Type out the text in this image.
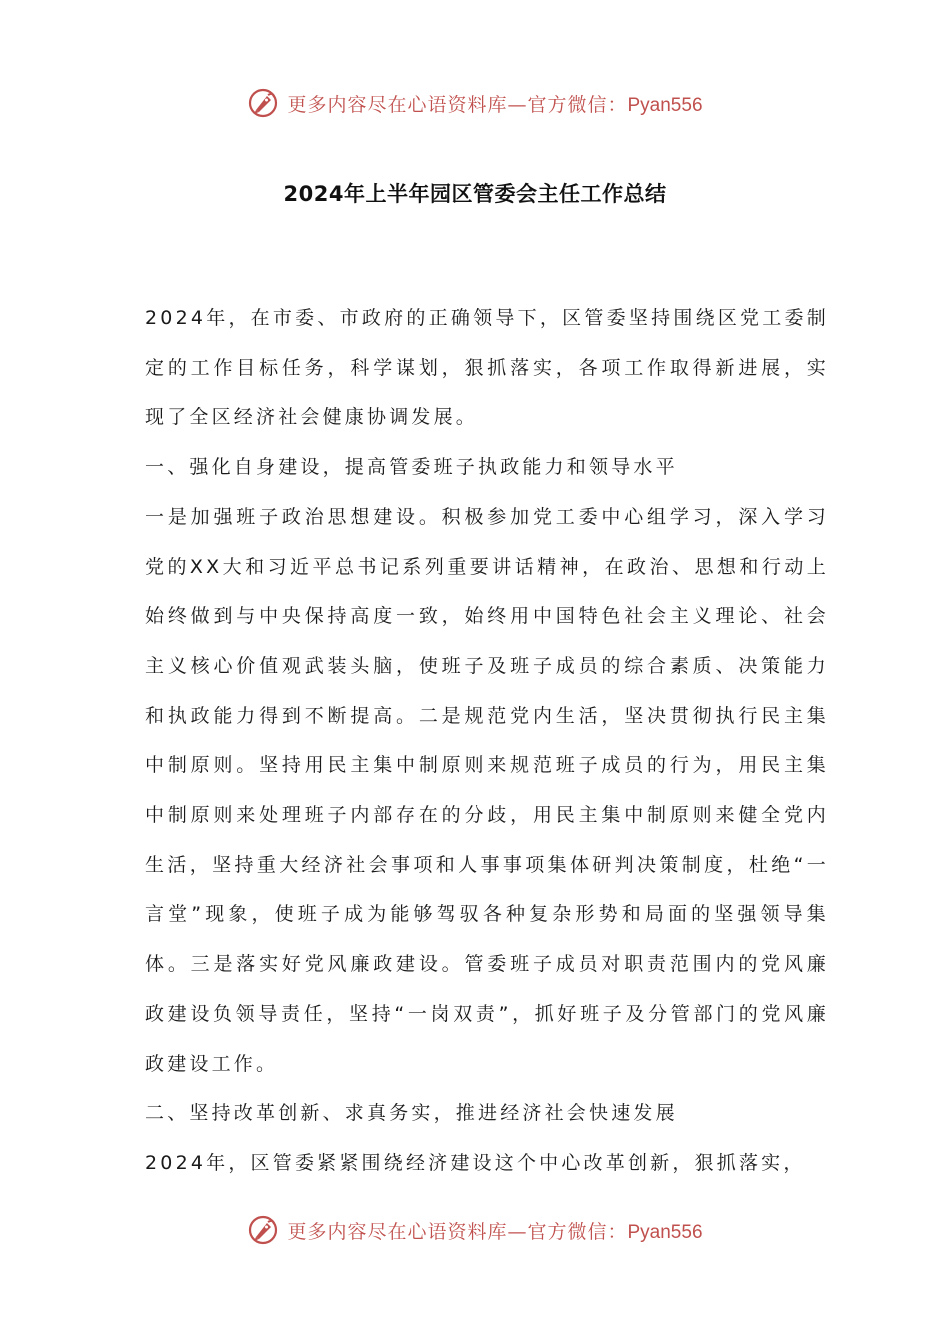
更多内容尽在心语资料库—官方微信：Pyan556
2024年上半年园区管委会主任工作总结

2024年，在市委、市政府的正确领导下，区管委坚持围绕区党工委制定的工作目标任务，科学谋划，狠抓落实，各项工作取得新进展，实现了全区经济社会健康协调发展。

一、强化自身建设，提高管委班子执政能力和领导水平

一是加强班子政治思想建设。积极参加党工委中心组学习，深入学习党的XX大和习近平总书记系列重要讲话精神，在政治、思想和行动上始终做到与中央保持高度一致，始终用中国特色社会主义理论、社会主义核心价值观武装头脑，使班子及班子成员的综合素质、决策能力和执政能力得到不断提高。二是规范党内生活，坚决贯彻执行民主集中制原则。坚持用民主集中制原则来规范班子成员的行为，用民主集中制原则来处理班子内部存在的分歧，用民主集中制原则来健全党内生活，坚持重大经济社会事项和人事事项集体研判决策制度，杜绝“一言堂”现象，使班子成为能够驾驭各种复杂形势和局面的坚强领导集体。三是落实好党风廉政建设。管委班子成员对职责范围内的党风廉政建设负领导责任，坚持“一岗双责”，抓好班子及分管部门的党风廉政建设工作。

二、坚持改革创新、求真务实，推进经济社会快速发展

2024年，区管委紧紧围绕经济建设这个中心改革创新，狠抓落实，

更多内容尽在心语资料库—官方微信：Pyan556
